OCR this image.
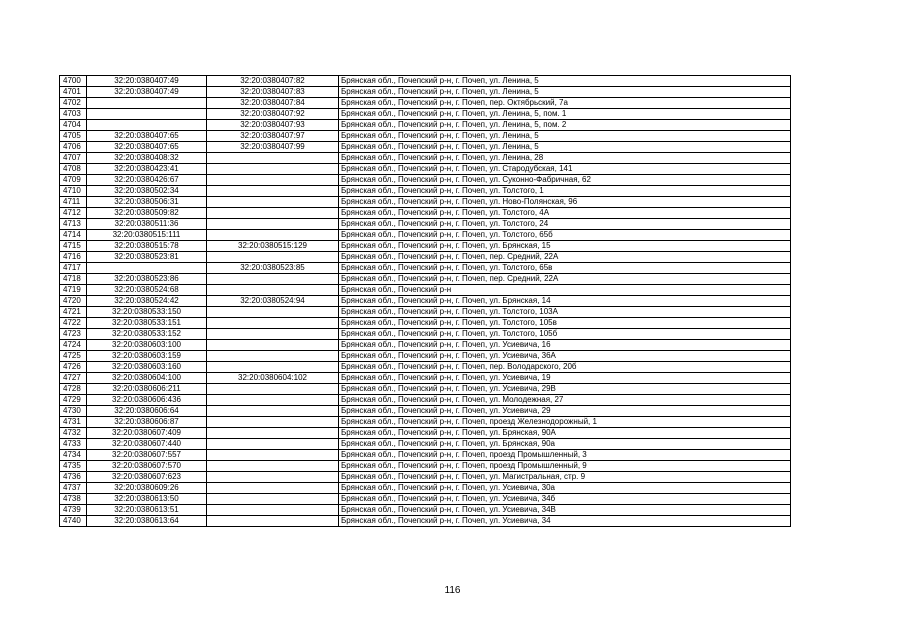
4700	32:20:0380407:49	32:20:0380407:82	Брянская обл., Почепский р-н, г. Почеп, ул. Ленина, 5
4701	32:20:0380407:49	32:20:0380407:83	Брянская обл., Почепский р-н, г. Почеп, ул. Ленина, 5
4702		32:20:0380407:84	Брянская обл., Почепский р-н, г. Почеп, пер. Октябрьский, 7а
4703		32:20:0380407:92	Брянская обл., Почепский р-н, г. Почеп, ул. Ленина, 5, пом. 1
4704		32:20:0380407:93	Брянская обл., Почепский р-н, г. Почеп, ул. Ленина, 5, пом. 2
4705	32:20:0380407:65	32:20:0380407:97	Брянская обл., Почепский р-н, г. Почеп, ул. Ленина, 5
4706	32:20:0380407:65	32:20:0380407:99	Брянская обл., Почепский р-н, г. Почеп, ул. Ленина, 5
4707	32:20:0380408:32		Брянская обл., Почепский р-н, г. Почеп, ул. Ленина, 28
4708	32:20:0380423:41		Брянская обл., Почепский р-н, г. Почеп, ул. Стародубская, 141
4709	32:20:0380426:67		Брянская обл., Почепский р-н, г. Почеп, ул. Суконно-Фабричная, 62
4710	32:20:0380502:34		Брянская обл., Почепский р-н, г. Почеп, ул. Толстого, 1
4711	32:20:0380506:31		Брянская обл., Почепский р-н, г. Почеп, ул. Ново-Полянская, 96
4712	32:20:0380509:82		Брянская обл., Почепский р-н, г. Почеп, ул. Толстого, 4А
4713	32:20:0380511:36		Брянская обл., Почепский р-н, г. Почеп, ул. Толстого, 24
4714	32:20:0380515:111		Брянская обл., Почепский р-н, г. Почеп, ул. Толстого, 65б
4715	32:20:0380515:78	32:20:0380515:129	Брянская обл., Почепский р-н, г. Почеп, ул. Брянская, 15
4716	32:20:0380523:81		Брянская обл., Почепский р-н, г. Почеп, пер. Средний, 22А
4717		32:20:0380523:85	Брянская обл., Почепский р-н, г. Почеп, ул. Толстого, 65в
4718	32:20:0380523:86		Брянская обл., Почепский р-н, г. Почеп, пер. Средний, 22А
4719	32:20:0380524:68		Брянская обл., Почепский р-н
4720	32:20:0380524:42	32:20:0380524:94	Брянская обл., Почепский р-н, г. Почеп, ул. Брянская, 14
4721	32:20:0380533:150		Брянская обл., Почепский р-н, г. Почеп, ул. Толстого, 103А
4722	32:20:0380533:151		Брянская обл., Почепский р-н, г. Почеп, ул. Толстого, 105в
4723	32:20:0380533:152		Брянская обл., Почепский р-н, г. Почеп, ул. Толстого, 105б
4724	32:20:0380603:100		Брянская обл., Почепский р-н, г. Почеп, ул. Усиевича, 16
4725	32:20:0380603:159		Брянская обл., Почепский р-н, г. Почеп, ул. Усиевича, 36А
4726	32:20:0380603:160		Брянская обл., Почепский р-н, г. Почеп, пер. Володарского, 20б
4727	32:20:0380604:100	32:20:0380604:102	Брянская обл., Почепский р-н, г. Почеп, ул. Усиевича, 19
4728	32:20:0380606:211		Брянская обл., Почепский р-н, г. Почеп, ул. Усиевича, 29В
4729	32:20:0380606:436		Брянская обл., Почепский р-н, г. Почеп, ул. Молодежная, 27
4730	32:20:0380606:64		Брянская обл., Почепский р-н, г. Почеп, ул. Усиевича, 29
4731	32:20:0380606:87		Брянская обл., Почепский р-н, г. Почеп, проезд Железнодорожный, 1
4732	32:20:0380607:409		Брянская обл., Почепский р-н, г. Почеп, ул. Брянская, 90А
4733	32:20:0380607:440		Брянская обл., Почепский р-н, г. Почеп, ул. Брянская, 90а
4734	32:20:0380607:557		Брянская обл., Почепский р-н, г. Почеп, проезд Промышленный, 3
4735	32:20:0380607:570		Брянская обл., Почепский р-н, г. Почеп, проезд Промышленный, 9
4736	32:20:0380607:623		Брянская обл., Почепский р-н, г. Почеп, ул. Магистральная, стр. 9
4737	32:20:0380609:26		Брянская обл., Почепский р-н, г. Почеп, ул. Усиевича, 30а
4738	32:20:0380613:50		Брянская обл., Почепский р-н, г. Почеп, ул. Усиевича, 34б
4739	32:20:0380613:51		Брянская обл., Почепский р-н, г. Почеп, ул. Усиевича, 34В
4740	32:20:0380613:64		Брянская обл., Почепский р-н, г. Почеп, ул. Усиевича, 34
116
